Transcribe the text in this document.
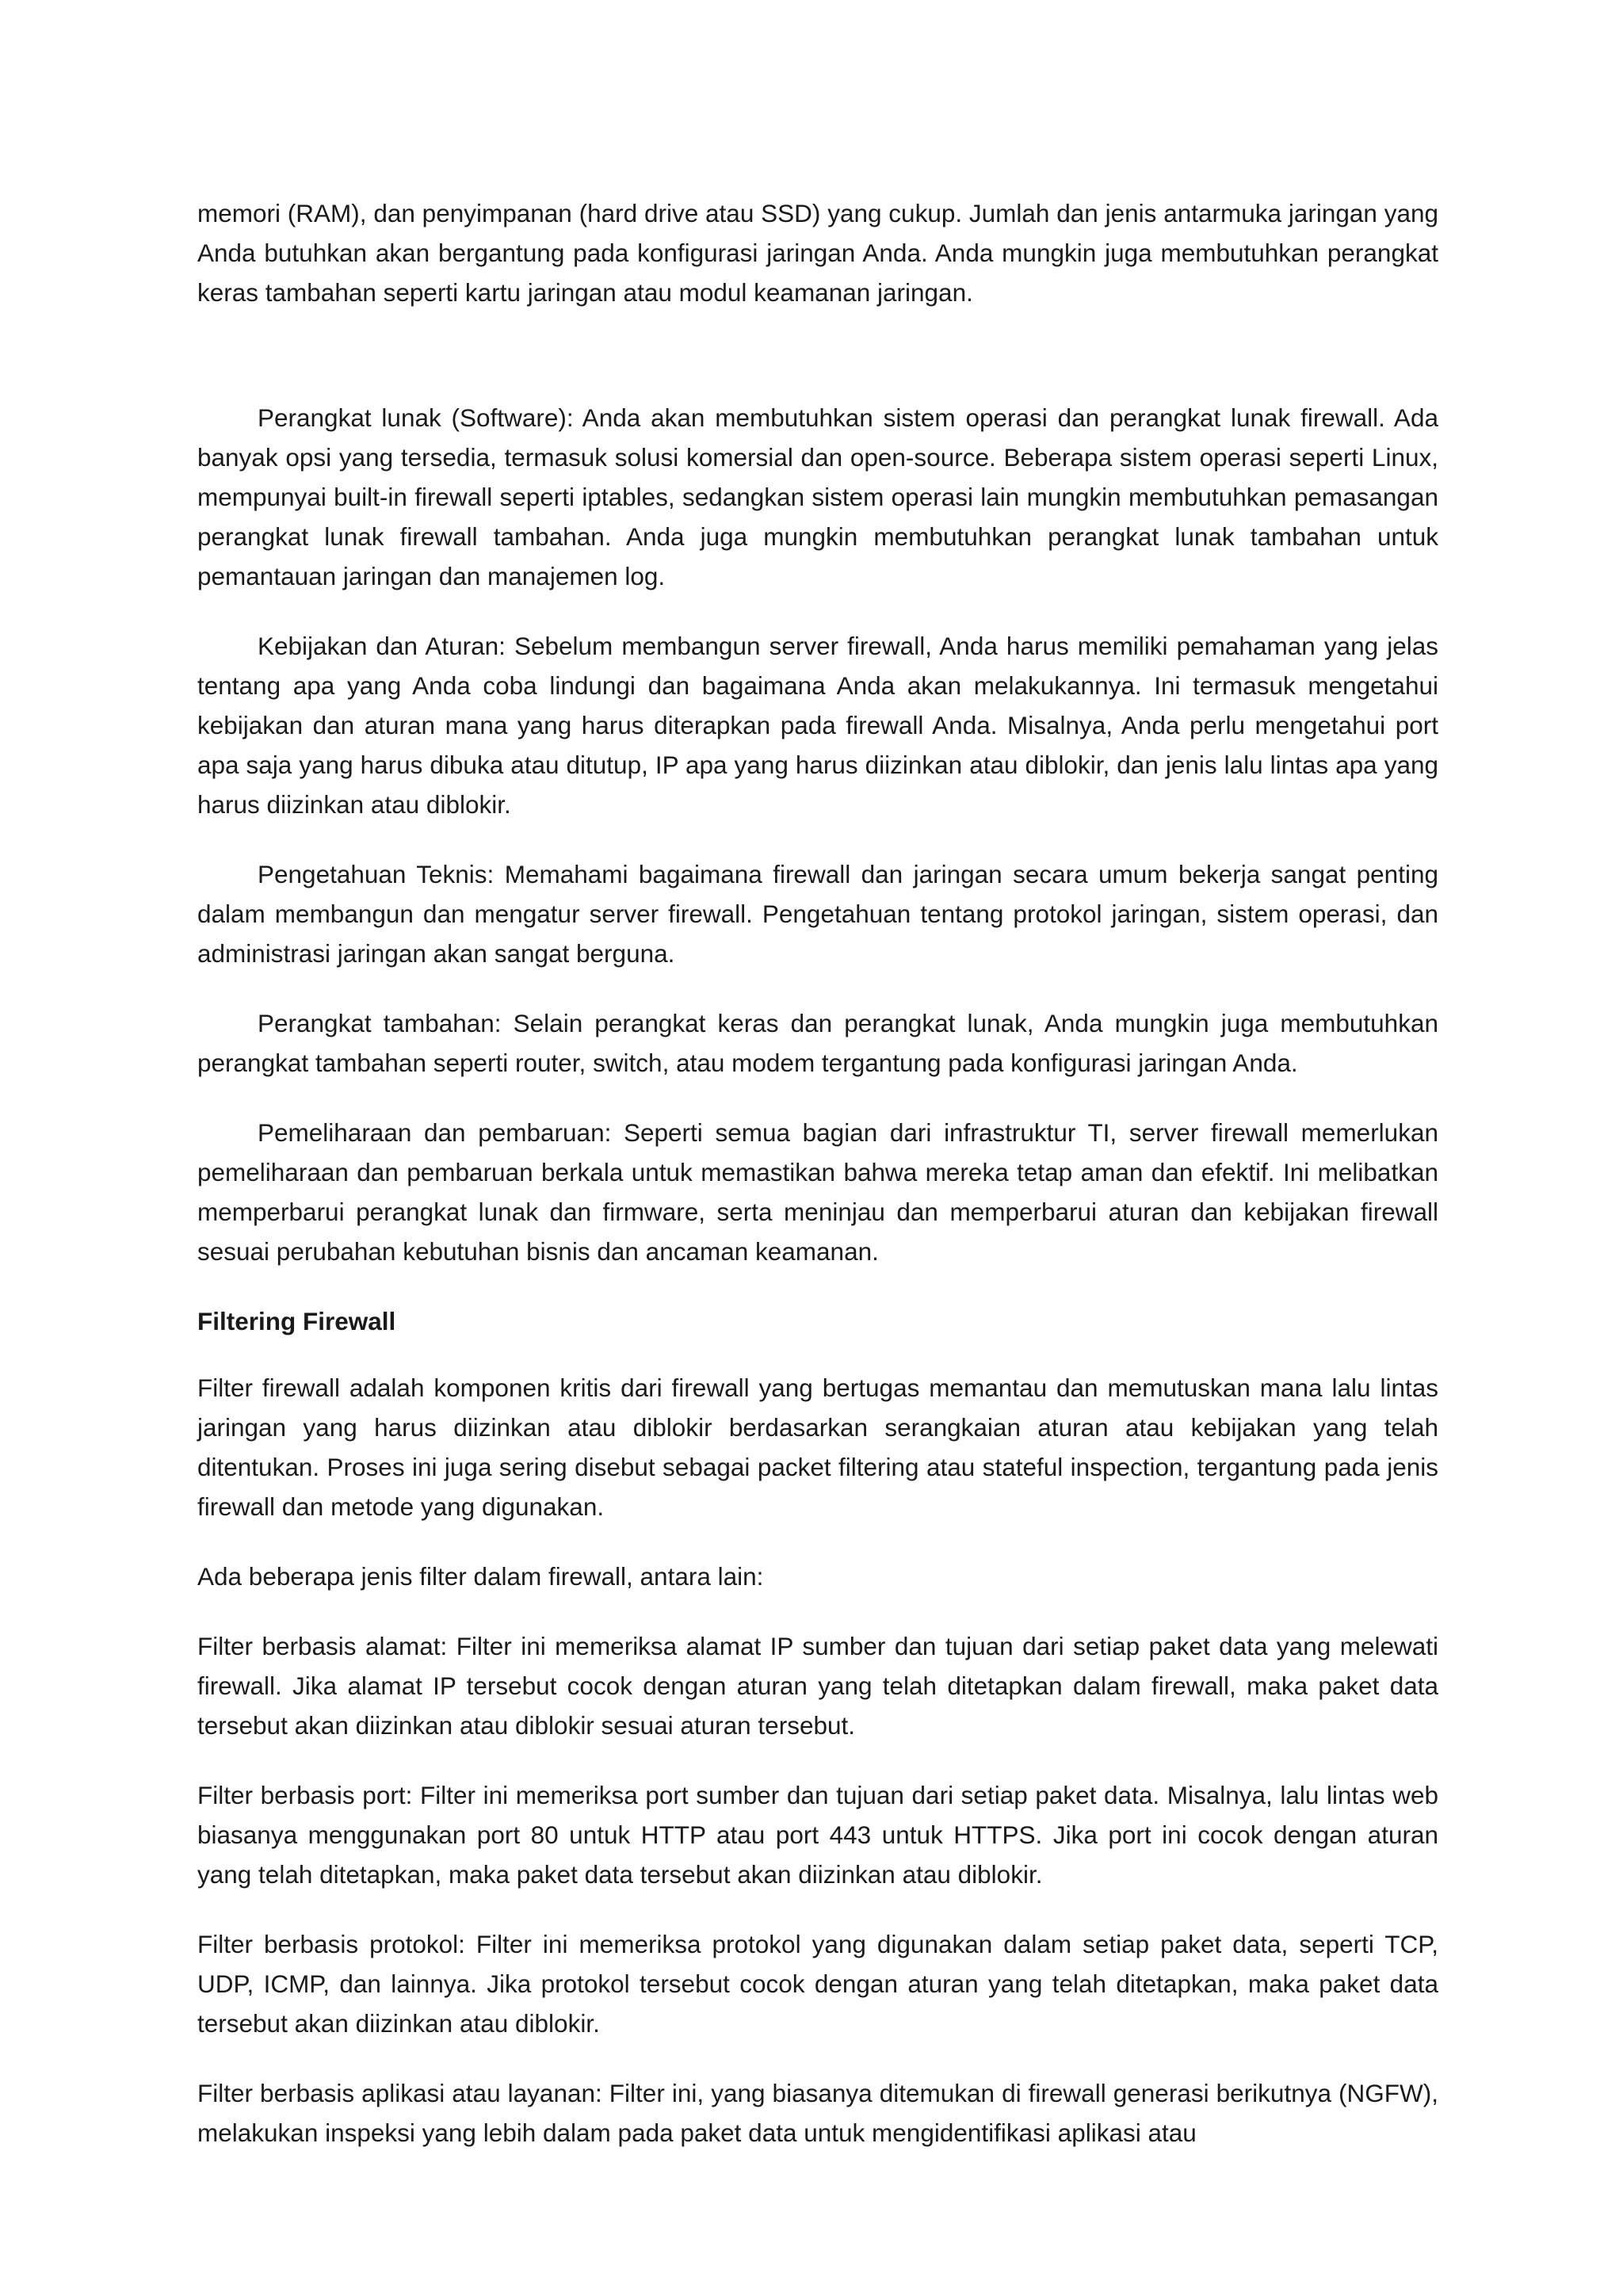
memori (RAM), dan penyimpanan (hard drive atau SSD) yang cukup. Jumlah dan jenis antarmuka jaringan yang Anda butuhkan akan bergantung pada konfigurasi jaringan Anda. Anda mungkin juga membutuhkan perangkat keras tambahan seperti kartu jaringan atau modul keamanan jaringan.

Perangkat lunak (Software): Anda akan membutuhkan sistem operasi dan perangkat lunak firewall. Ada banyak opsi yang tersedia, termasuk solusi komersial dan open-source. Beberapa sistem operasi seperti Linux, mempunyai built-in firewall seperti iptables, sedangkan sistem operasi lain mungkin membutuhkan pemasangan perangkat lunak firewall tambahan. Anda juga mungkin membutuhkan perangkat lunak tambahan untuk pemantauan jaringan dan manajemen log.

Kebijakan dan Aturan: Sebelum membangun server firewall, Anda harus memiliki pemahaman yang jelas tentang apa yang Anda coba lindungi dan bagaimana Anda akan melakukannya. Ini termasuk mengetahui kebijakan dan aturan mana yang harus diterapkan pada firewall Anda. Misalnya, Anda perlu mengetahui port apa saja yang harus dibuka atau ditutup, IP apa yang harus diizinkan atau diblokir, dan jenis lalu lintas apa yang harus diizinkan atau diblokir.

Pengetahuan Teknis: Memahami bagaimana firewall dan jaringan secara umum bekerja sangat penting dalam membangun dan mengatur server firewall. Pengetahuan tentang protokol jaringan, sistem operasi, dan administrasi jaringan akan sangat berguna.

Perangkat tambahan: Selain perangkat keras dan perangkat lunak, Anda mungkin juga membutuhkan perangkat tambahan seperti router, switch, atau modem tergantung pada konfigurasi jaringan Anda.

Pemeliharaan dan pembaruan: Seperti semua bagian dari infrastruktur TI, server firewall memerlukan pemeliharaan dan pembaruan berkala untuk memastikan bahwa mereka tetap aman dan efektif. Ini melibatkan memperbarui perangkat lunak dan firmware, serta meninjau dan memperbarui aturan dan kebijakan firewall sesuai perubahan kebutuhan bisnis dan ancaman keamanan.

Filtering Firewall

Filter firewall adalah komponen kritis dari firewall yang bertugas memantau dan memutuskan mana lalu lintas jaringan yang harus diizinkan atau diblokir berdasarkan serangkaian aturan atau kebijakan yang telah ditentukan. Proses ini juga sering disebut sebagai packet filtering atau stateful inspection, tergantung pada jenis firewall dan metode yang digunakan.

Ada beberapa jenis filter dalam firewall, antara lain:

Filter berbasis alamat: Filter ini memeriksa alamat IP sumber dan tujuan dari setiap paket data yang melewati firewall. Jika alamat IP tersebut cocok dengan aturan yang telah ditetapkan dalam firewall, maka paket data tersebut akan diizinkan atau diblokir sesuai aturan tersebut.

Filter berbasis port: Filter ini memeriksa port sumber dan tujuan dari setiap paket data. Misalnya, lalu lintas web biasanya menggunakan port 80 untuk HTTP atau port 443 untuk HTTPS. Jika port ini cocok dengan aturan yang telah ditetapkan, maka paket data tersebut akan diizinkan atau diblokir.

Filter berbasis protokol: Filter ini memeriksa protokol yang digunakan dalam setiap paket data, seperti TCP, UDP, ICMP, dan lainnya. Jika protokol tersebut cocok dengan aturan yang telah ditetapkan, maka paket data tersebut akan diizinkan atau diblokir.

Filter berbasis aplikasi atau layanan: Filter ini, yang biasanya ditemukan di firewall generasi berikutnya (NGFW), melakukan inspeksi yang lebih dalam pada paket data untuk mengidentifikasi aplikasi atau
